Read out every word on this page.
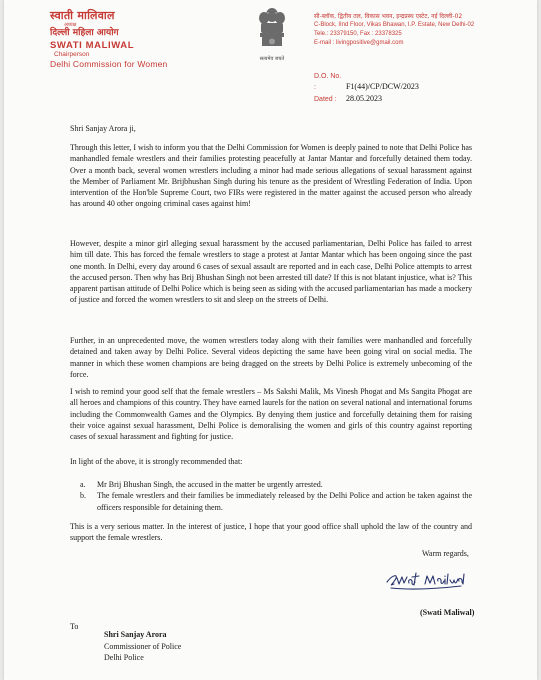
स्वाती मालिवाल
अध्यक्ष
दिल्ली महिला आयोग
SWATI MALIWAL
Chairperson
Delhi Commission for Women	सत्यमेव जयते
सी-ब्लॉक, द्वितीय तल, विकास भवन, इन्द्रप्रस्थ एस्टेट, नई दिल्ली-02
C-Block, IInd Floor, Vikas Bhawan, I.P. Estate, New Delhi-02
Tele.: 23379150, Fax : 23378325
E-mail : livingpositive@gmail.com
D.O. No. :	F1(44)/CP/DCW/2023
Dated : 28.05.2023
Shri Sanjay Arora ji,
Through this letter, I wish to inform you that the Delhi Commission for Women is deeply pained to note that Delhi Police has manhandled female wrestlers and their families protesting peacefully at Jantar Mantar and forcefully detained them today. Over a month back, several women wrestlers including a minor had made serious allegations of sexual harassment against the Member of Parliament Mr. Brijbhushan Singh during his tenure as the president of Wrestling Federation of India. Upon intervention of the Hon'ble Supreme Court, two FIRs were registered in the matter against the accused person who already has around 40 other ongoing criminal cases against him!
However, despite a minor girl alleging sexual harassment by the accused parliamentarian, Delhi Police has failed to arrest him till date. This has forced the female wrestlers to stage a protest at Jantar Mantar which has been ongoing since the past one month. In Delhi, every day around 6 cases of sexual assault are reported and in each case, Delhi Police attempts to arrest the accused person. Then why has Brij Bhushan Singh not been arrested till date? If this is not blatant injustice, what is? This apparent partisan attitude of Delhi Police which is being seen as siding with the accused parliamentarian has made a mockery of justice and forced the women wrestlers to sit and sleep on the streets of Delhi.
Further, in an unprecedented move, the women wrestlers today along with their families were manhandled and forcefully detained and taken away by Delhi Police. Several videos depicting the same have been going viral on social media. The manner in which these women champions are being dragged on the streets by Delhi Police is extremely unbecoming of the force.
I wish to remind your good self that the female wrestlers – Ms Sakshi Malik, Ms Vinesh Phogat and Ms Sangita Phogat are all heroes and champions of this country. They have earned laurels for the nation on several national and international forums including the Commonwealth Games and the Olympics. By denying them justice and forcefully detaining them for raising their voice against sexual harassment, Delhi Police is demoralising the women and girls of this country against reporting cases of sexual harassment and fighting for justice.
In light of the above, it is strongly recommended that:
a. Mr Brij Bhushan Singh, the accused in the matter be urgently arrested.
b. The female wrestlers and their families be immediately released by the Delhi Police and action be taken against the officers responsible for detaining them.
This is a very serious matter. In the interest of justice, I hope that your good office shall uphold the law of the country and support the female wrestlers.
Warm regards,
(Swati Maliwal)
To
Shri Sanjay Arora
Commissioner of Police
Delhi Police
